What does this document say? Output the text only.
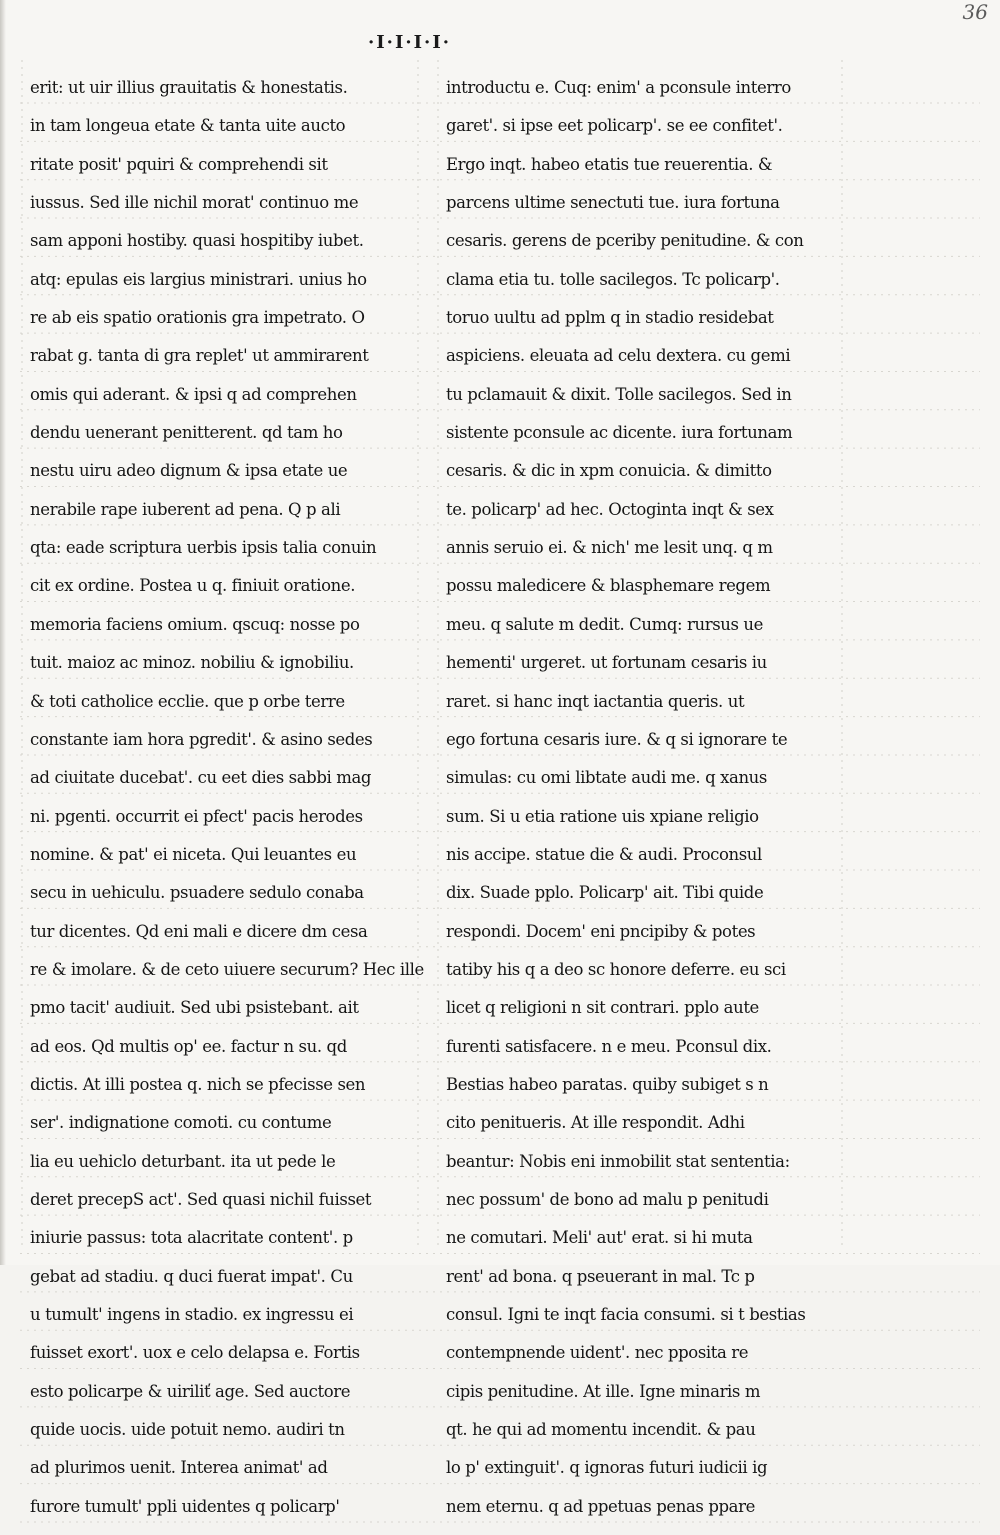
36
·I·I·I·I·
erit: ut uir illius grauitatis & honestatis.
in tam longeua etate & tanta uite aucto
ritate posit' pquiri & comprehendi sit
iussus. Sed ille nichil morat' continuo me
sam apponi hostiby. quasi hospitiby iubet.
atq: epulas eis largius ministrari. unius ho
re ab eis spatio orationis gra impetrato. O
rabat g. tanta di gra replet' ut ammirarent
omis qui aderant. & ipsi q ad comprehen
dendu uenerant penitterent. qd tam ho
nestu uiru adeo dignum & ipsa etate ue
nerabile rape iuberent ad pena. Q p ali
qta: eade scriptura uerbis ipsis talia conuin
cit ex ordine. Postea u q. finiuit oratione.
memoria faciens omium. qscuq: nosse po
tuit. maioz ac minoz. nobiliu & ignobiliu.
& toti catholice ecclie. que p orbe terre
constante iam hora pgredit'. & asino sedes
ad ciuitate ducebat'. cu eet dies sabbi mag
ni. pgenti. occurrit ei pfect' pacis herodes
nomine. & pat' ei niceta. Qui leuantes eu
secu in uehiculu. psuadere sedulo conaba
tur dicentes. Qd eni mali e dicere dm cesa
re & imolare. & de ceto uiuere securum? Hec ille
pmo tacit' audiuit. Sed ubi psistebant. ait
ad eos. Qd multis op' ee. factur n su. qd
dictis. At illi postea q. nich se pfecisse sen
ser'. indignatione comoti. cu contume
lia eu uehiclo deturbant. ita ut pede le
deret precepS act'. Sed quasi nichil fuisset
iniurie passus: tota alacritate content'. p
gebat ad stadiu. q duci fuerat impat'. Cu
u tumult' ingens in stadio. ex ingressu ei
fuisset exort'. uox e celo delapsa e. Fortis
esto policarpe & uiriliť age. Sed auctore
quide uocis. uide potuit nemo. audiri tn
ad plurimos uenit. Interea animat' ad
furore tumult' ppli uidentes q policarp'
introductu e. Cuq: enim' a pconsule interro
garet'. si ipse eet policarp'. se ee confitet'.
Ergo inqt. habeo etatis tue reuerentia. &
parcens ultime senectuti tue. iura fortuna
cesaris. gerens de pceriby penitudine. & con
clama etia tu. tolle sacilegos. Tc policarp'.
toruo uultu ad pplm q in stadio residebat
aspiciens. eleuata ad celu dextera. cu gemi
tu pclamauit & dixit. Tolle sacilegos. Sed in
sistente pconsule ac dicente. iura fortunam
cesaris. & dic in xpm conuicia. & dimitto
te. policarp' ad hec. Octoginta inqt & sex
annis seruio ei. & nich' me lesit unq. q m
possu maledicere & blasphemare regem
meu. q salute m dedit. Cumq: rursus ue
hementi' urgeret. ut fortunam cesaris iu
raret. si hanc inqt iactantia queris. ut
ego fortuna cesaris iure. & q si ignorare te
simulas: cu omi libtate audi me. q xanus
sum. Si u etia ratione uis xpiane religio
nis accipe. statue die & audi. Proconsul
dix. Suade pplo. Policarp' ait. Tibi quide
respondi. Docem' eni pncipiby & potes
tatiby his q a deo sc honore deferre. eu sci
licet q religioni n sit contrari. pplo aute
furenti satisfacere. n e meu. Pconsul dix.
Bestias habeo paratas. quiby subiget s n
cito penitueris. At ille respondit. Adhi
beantur: Nobis eni inmobilit stat sententia:
nec possum' de bono ad malu p penitudi
ne comutari. Meli' aut' erat. si hi muta
rent' ad bona. q pseuerant in mal. Tc p
consul. Igni te inqt facia consumi. si t bestias
contempnende uident'. nec pposita re
cipis penitudine. At ille. Igne minaris m
qt. he qui ad momentu incendit. & pau
lo p' extinguit'. q ignoras futuri iudicii ig
nem eternu. q ad ppetuas penas ppare
